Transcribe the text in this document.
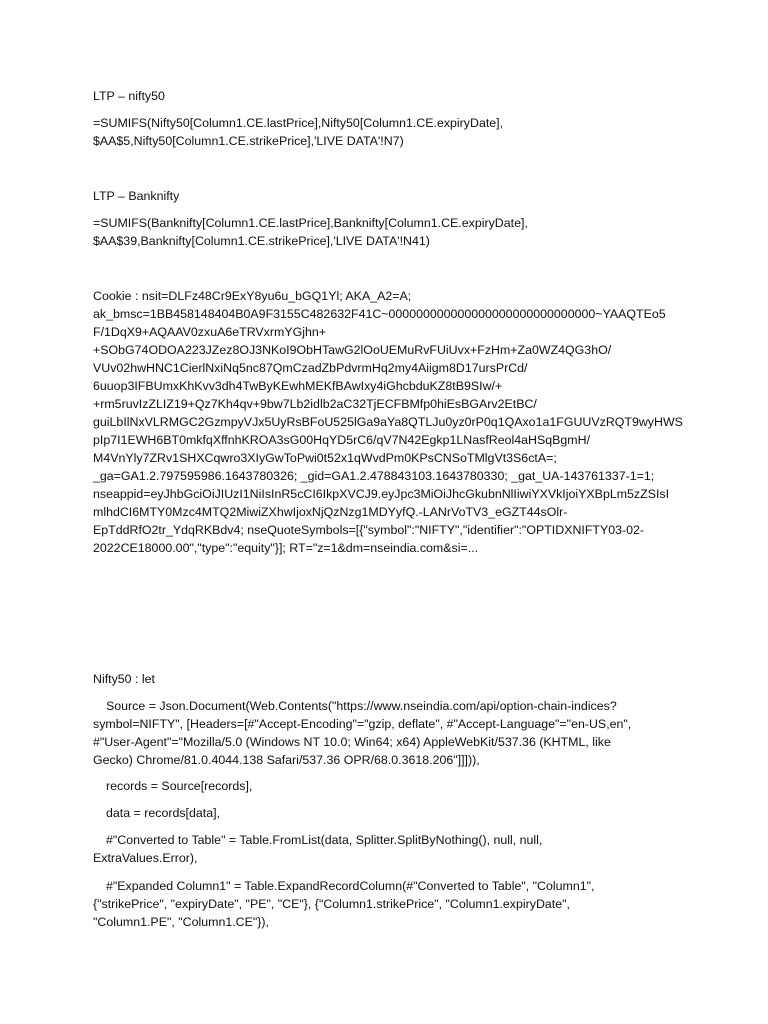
LTP – nifty50

=SUMIFS(Nifty50[Column1.CE.lastPrice],Nifty50[Column1.CE.expiryDate],
$AA$5,Nifty50[Column1.CE.strikePrice],'LIVE DATA'!N7)

LTP – Banknifty

=SUMIFS(Banknifty[Column1.CE.lastPrice],Banknifty[Column1.CE.expiryDate],
$AA$39,Banknifty[Column1.CE.strikePrice],'LIVE DATA'!N41)

Cookie : nsit=DLFz48Cr9ExY8yu6u_bGQ1Yl; AKA_A2=A;
ak_bmsc=1BB458148404B0A9F3155C482632F41C~000000000000000000000000000000~YAAQTEo5
F/1DqX9+AQAAV0zxuA6eTRVxrmYGjhn+
+SObG74ODOA223JZez8OJ3NKoI9ObHTawG2lOoUEMuRvFUiUvx+FzHm+Za0WZ4QG3hO/
VUv02hwHNC1CierlNxiNq5nc87QmCzadZbPdvrmHq2my4Aiigm8D17ursPrCd/
6uuop3IFBUmxKhKvv3dh4TwByKEwhMEKfBAwIxy4iGhcbduKZ8tB9SIw/+
+rm5ruvIzZLIZ19+Qz7Kh4qv+9bw7Lb2idlb2aC32TjECFBMfp0hiEsBGArv2EtBC/
guiLbIlNxVLRMGC2GzmpyVJx5UyRsBFoU525lGa9aYa8QTLJu0yz0rP0q1QAxo1a1FGUUVzRQT9wyHWS
pIp7I1EWH6BT0mkfqXffnhKROA3sG00HqYD5rC6/qV7N42Egkp1LNasfReol4aHSqBgmH/
M4VnYly7ZRv1SHXCqwro3XIyGwToPwi0t52x1qWvdPm0KPsCNSoTMlgVt3S6ctA=;
_ga=GA1.2.797595986.1643780326; _gid=GA1.2.478843103.1643780330; _gat_UA-143761337-1=1;
nseappid=eyJhbGciOiJIUzI1NiIsInR5cCI6IkpXVCJ9.eyJpc3MiOiJhcGkubnNlIiwiYXVkIjoiYXBpLm5zZSIsI
mlhdCI6MTY0Mzc4MTQ2MiwiZXhwIjoxNjQzNzg1MDYyfQ.-LANrVoTV3_eGZT44sOlr-
EpTddRfO2tr_YdqRKBdv4; nseQuoteSymbols=[{"symbol":"NIFTY","identifier":"OPTIDXNIFTY03-02-
2022CE18000.00","type":"equity"}]; RT="z=1&dm=nseindia.com&si=...

Nifty50 : let

Source = Json.Document(Web.Contents("https://www.nseindia.com/api/option-chain-indices?
symbol=NIFTY", [Headers=[#"Accept-Encoding"="gzip, deflate", #"Accept-Language"="en-US,en",
#"User-Agent"="Mozilla/5.0 (Windows NT 10.0; Win64; x64) AppleWebKit/537.36 (KHTML, like
Gecko) Chrome/81.0.4044.138 Safari/537.36 OPR/68.0.3618.206"]]])),

records = Source[records],

data = records[data],

#"Converted to Table" = Table.FromList(data, Splitter.SplitByNothing(), null, null,
ExtraValues.Error),

#"Expanded Column1" = Table.ExpandRecordColumn(#"Converted to Table", "Column1",
{"strikePrice", "expiryDate", "PE", "CE"}, {"Column1.strikePrice", "Column1.expiryDate",
"Column1.PE", "Column1.CE"}),
